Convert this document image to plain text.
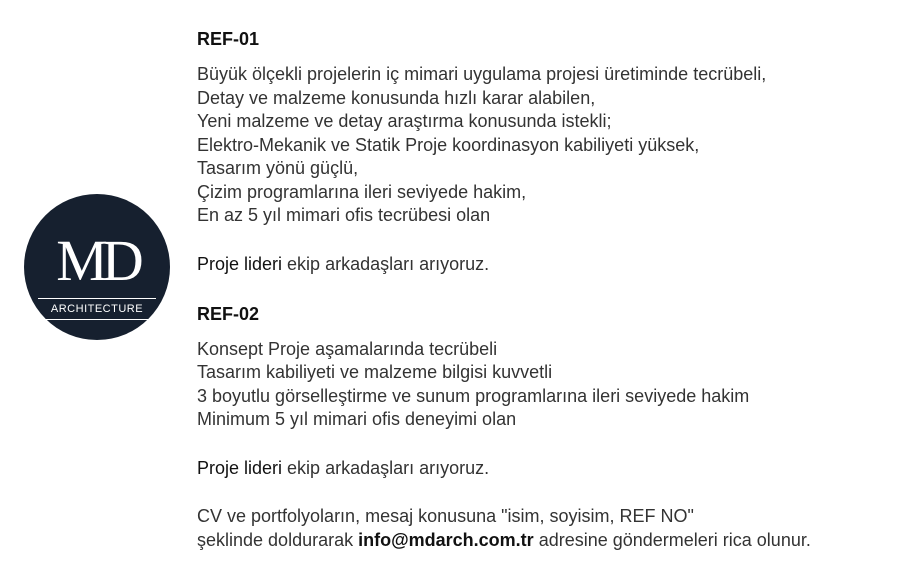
MD
ARCHITECTURE
REF-01
Büyük ölçekli projelerin iç mimari uygulama projesi üretiminde tecrübeli,
Detay ve malzeme konusunda hızlı karar alabilen,
Yeni malzeme ve detay araştırma konusunda istekli;
Elektro-Mekanik ve Statik Proje koordinasyon kabiliyeti yüksek,
Tasarım yönü güçlü,
Çizim programlarına ileri seviyede hakim,
En az 5 yıl mimari ofis tecrübesi olan

Proje lideri ekip arkadaşları arıyoruz.

REF-02
Konsept Proje aşamalarında tecrübeli
Tasarım kabiliyeti ve malzeme bilgisi kuvvetli
3 boyutlu görselleştirme ve sunum programlarına ileri seviyede hakim
Minimum 5 yıl mimari ofis deneyimi olan

Proje lideri ekip arkadaşları arıyoruz.

CV ve portfolyoların, mesaj konusuna "isim, soyisim, REF NO"
şeklinde doldurarak info@mdarch.com.tr adresine göndermeleri rica olunur.
